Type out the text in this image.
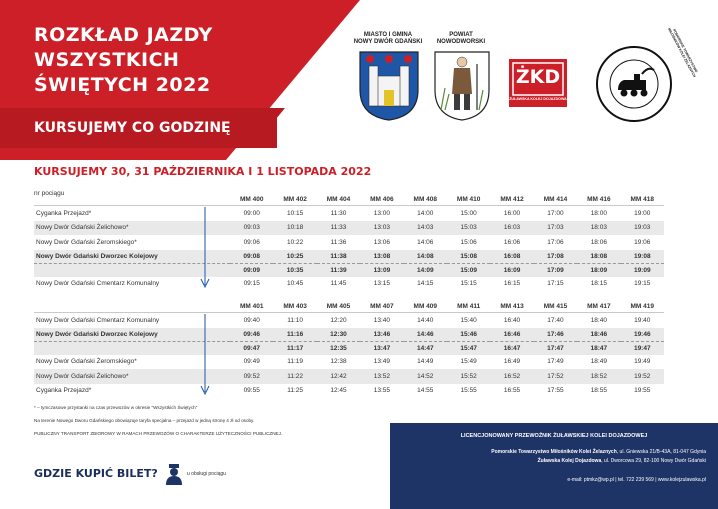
ROZKŁAD JAZDY
WSZYSTKICH
ŚWIĘTYCH 2022
KURSUJEMY CO GODZINĘ
MIASTO I GMINA
NOWY DWÓR GDAŃSKI
POWIAT
NOWODWORSKI
ŻKD
ŻUŁAWSKA KOLEJ DOJAZDOWA
POMORSKIE TOWARZYSTWO MIŁOŚNIKÓW KOLEI ŻELAZNYCH
KURSUJEMY 30, 31 PAŹDZIERNIKA I 1 LISTOPADA 2022
nr pociągu
	MM 400	MM 402	MM 404	MM 406	MM 408	MM 410	MM 412	MM 414	MM 416	MM 418
Cyganka Przejazd*	09:00	10:15	11:30	13:00	14:00	15:00	16:00	17:00	18:00	19:00
Nowy Dwór Gdański Żelichowo*	09:03	10:18	11:33	13:03	14:03	15:03	16:03	17:03	18:03	19:03
Nowy Dwór Gdański Żeromskiego*	09:06	10:22	11:36	13:06	14:06	15:06	16:06	17:06	18:06	19:06
Nowy Dwór Gdański Dworzec Kolejowy	09:08	10:25	11:38	13:08	14:08	15:08	16:08	17:08	18:08	19:08
	09:09	10:35	11:39	13:09	14:09	15:09	16:09	17:09	18:09	19:09
Nowy Dwór Gdański Cmentarz Komunalny	09:15	10:45	11:45	13:15	14:15	15:15	16:15	17:15	18:15	19:15
	MM 401	MM 403	MM 405	MM 407	MM 409	MM 411	MM 413	MM 415	MM 417	MM 419
Nowy Dwór Gdański Cmentarz Komunalny	09:40	11:10	12:20	13:40	14:40	15:40	16:40	17:40	18:40	19:40
Nowy Dwór Gdański Dworzec Kolejowy	09:46	11:16	12:30	13:46	14:46	15:46	16:46	17:46	18:46	19:46
	09:47	11:17	12:35	13:47	14:47	15:47	16:47	17:47	18:47	19:47
Nowy Dwór Gdański Żeromskiego*	09:49	11:19	12:38	13:49	14:49	15:49	16:49	17:49	18:49	19:49
Nowy Dwór Gdański Żelichowo*	09:52	11:22	12:42	13:52	14:52	15:52	16:52	17:52	18:52	19:52
Cyganka Przejazd*	09:55	11:25	12:45	13:55	14:55	15:55	16:55	17:55	18:55	19:55
* – tymczasowe przystanki na czas przewozów w okresie "Wszystkich Świętych"
Na terenie Nowego Dworu Gdańskiego obowiązuje taryfa specjalna – przejazd w jedną stronę 4 zł od osoby.
PUBLICZNY TRANSPORT ZBIOROWY W RAMACH PRZEWOZÓW O CHARAKTERZE UŻYTECZNOŚCI PUBLICZNEJ.
GDZIE KUPIĆ BILET?	u obsługi pociągu
LICENCJONOWANY PRZEWOŹNIK ŻUŁAWSKIEJ KOLEI DOJAZDOWEJ
Pomorskie Towarzystwo Miłośników Kolei Żelaznych, ul. Gniewska 21/B-43A, 81-047 Gdynia
Żuławska Kolej Dojazdowa, ul. Dworcowa 29, 82-100 Nowy Dwór Gdański
e-mail: ptmkz@wp.pl | tel. 722 239 569 | www.kolejzulawska.pl
